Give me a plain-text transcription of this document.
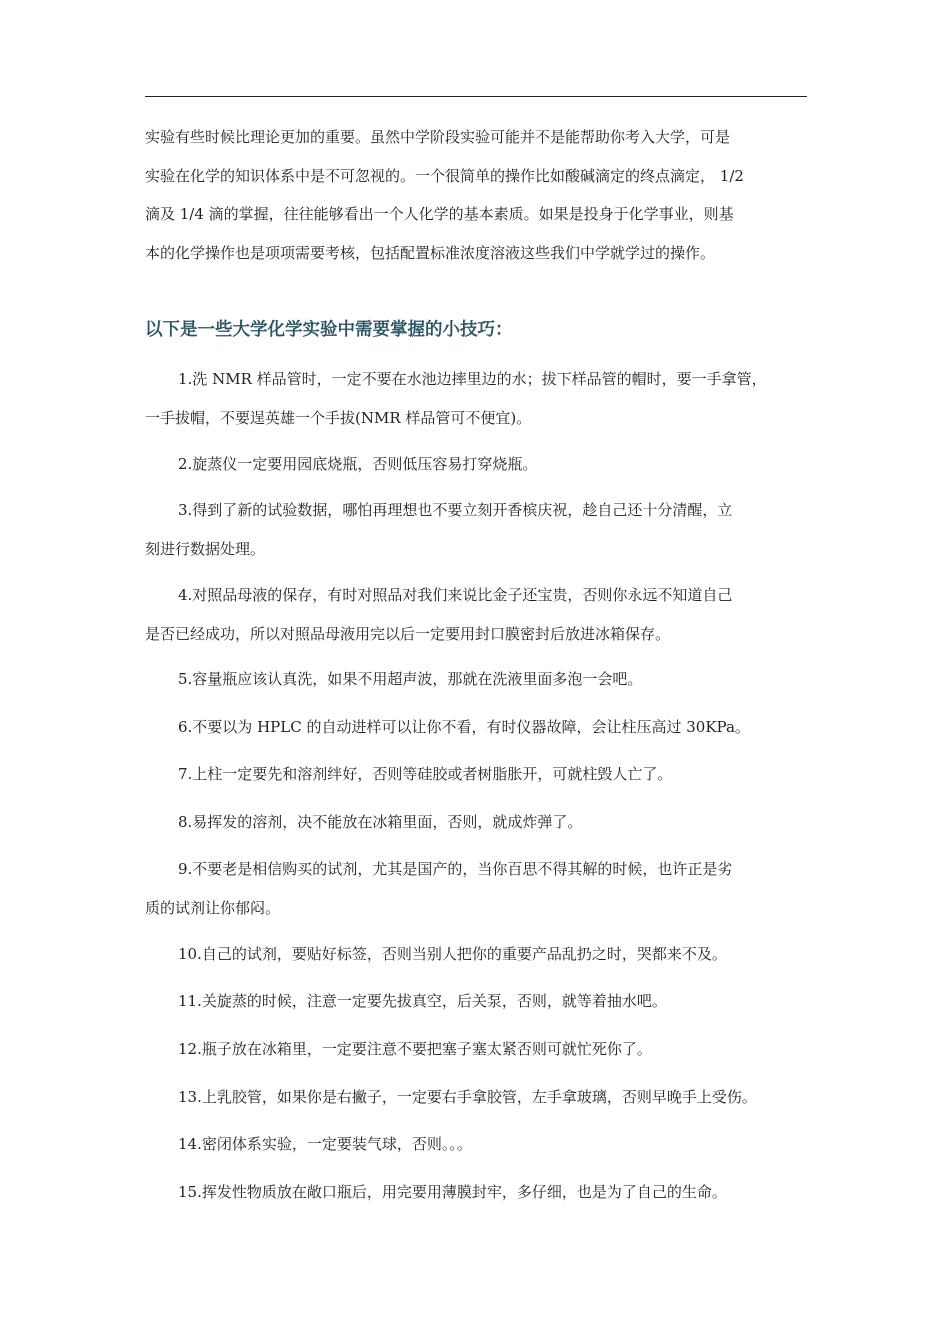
实验有些时候比理论更加的重要。虽然中学阶段实验可能并不是能帮助你考入大学，可是
实验在化学的知识体系中是不可忽视的。一个很简单的操作比如酸碱滴定的终点滴定， 1/2
滴及 1/4 滴的掌握，往往能够看出一个人化学的基本素质。如果是投身于化学事业，则基
本的化学操作也是项项需要考核，包括配置标准浓度溶液这些我们中学就学过的操作。

以下是一些大学化学实验中需要掌握的小技巧：

1.洗 NMR 样品管时，一定不要在水池边摔里边的水；拔下样品管的帽时，要一手拿管，
一手拔帽，不要逞英雄一个手拔(NMR 样品管可不便宜)。

2.旋蒸仪一定要用园底烧瓶，否则低压容易打穿烧瓶。

3.得到了新的试验数据，哪怕再理想也不要立刻开香槟庆祝，趁自己还十分清醒，立
刻进行数据处理。

4.对照品母液的保存，有时对照品对我们来说比金子还宝贵，否则你永远不知道自己
是否已经成功，所以对照品母液用完以后一定要用封口膜密封后放进冰箱保存。

5.容量瓶应该认真洗，如果不用超声波，那就在洗液里面多泡一会吧。

6.不要以为 HPLC 的自动进样可以让你不看，有时仪器故障，会让柱压高过 30KPa。

7.上柱一定要先和溶剂绊好，否则等硅胶或者树脂胀开，可就柱毁人亡了。

8.易挥发的溶剂，决不能放在冰箱里面，否则，就成炸弹了。

9.不要老是相信购买的试剂，尤其是国产的，当你百思不得其解的时候，也许正是劣
质的试剂让你郁闷。

10.自己的试剂，要贴好标签，否则当别人把你的重要产品乱扔之时，哭都来不及。

11.关旋蒸的时候，注意一定要先拔真空，后关泵，否则，就等着抽水吧。

12.瓶子放在冰箱里，一定要注意不要把塞子塞太紧否则可就忙死你了。

13.上乳胶管，如果你是右撇子，一定要右手拿胶管，左手拿玻璃，否则早晚手上受伤。

14.密闭体系实验，一定要装气球，否则。。。

15.挥发性物质放在敞口瓶后，用完要用薄膜封牢，多仔细，也是为了自己的生命。
